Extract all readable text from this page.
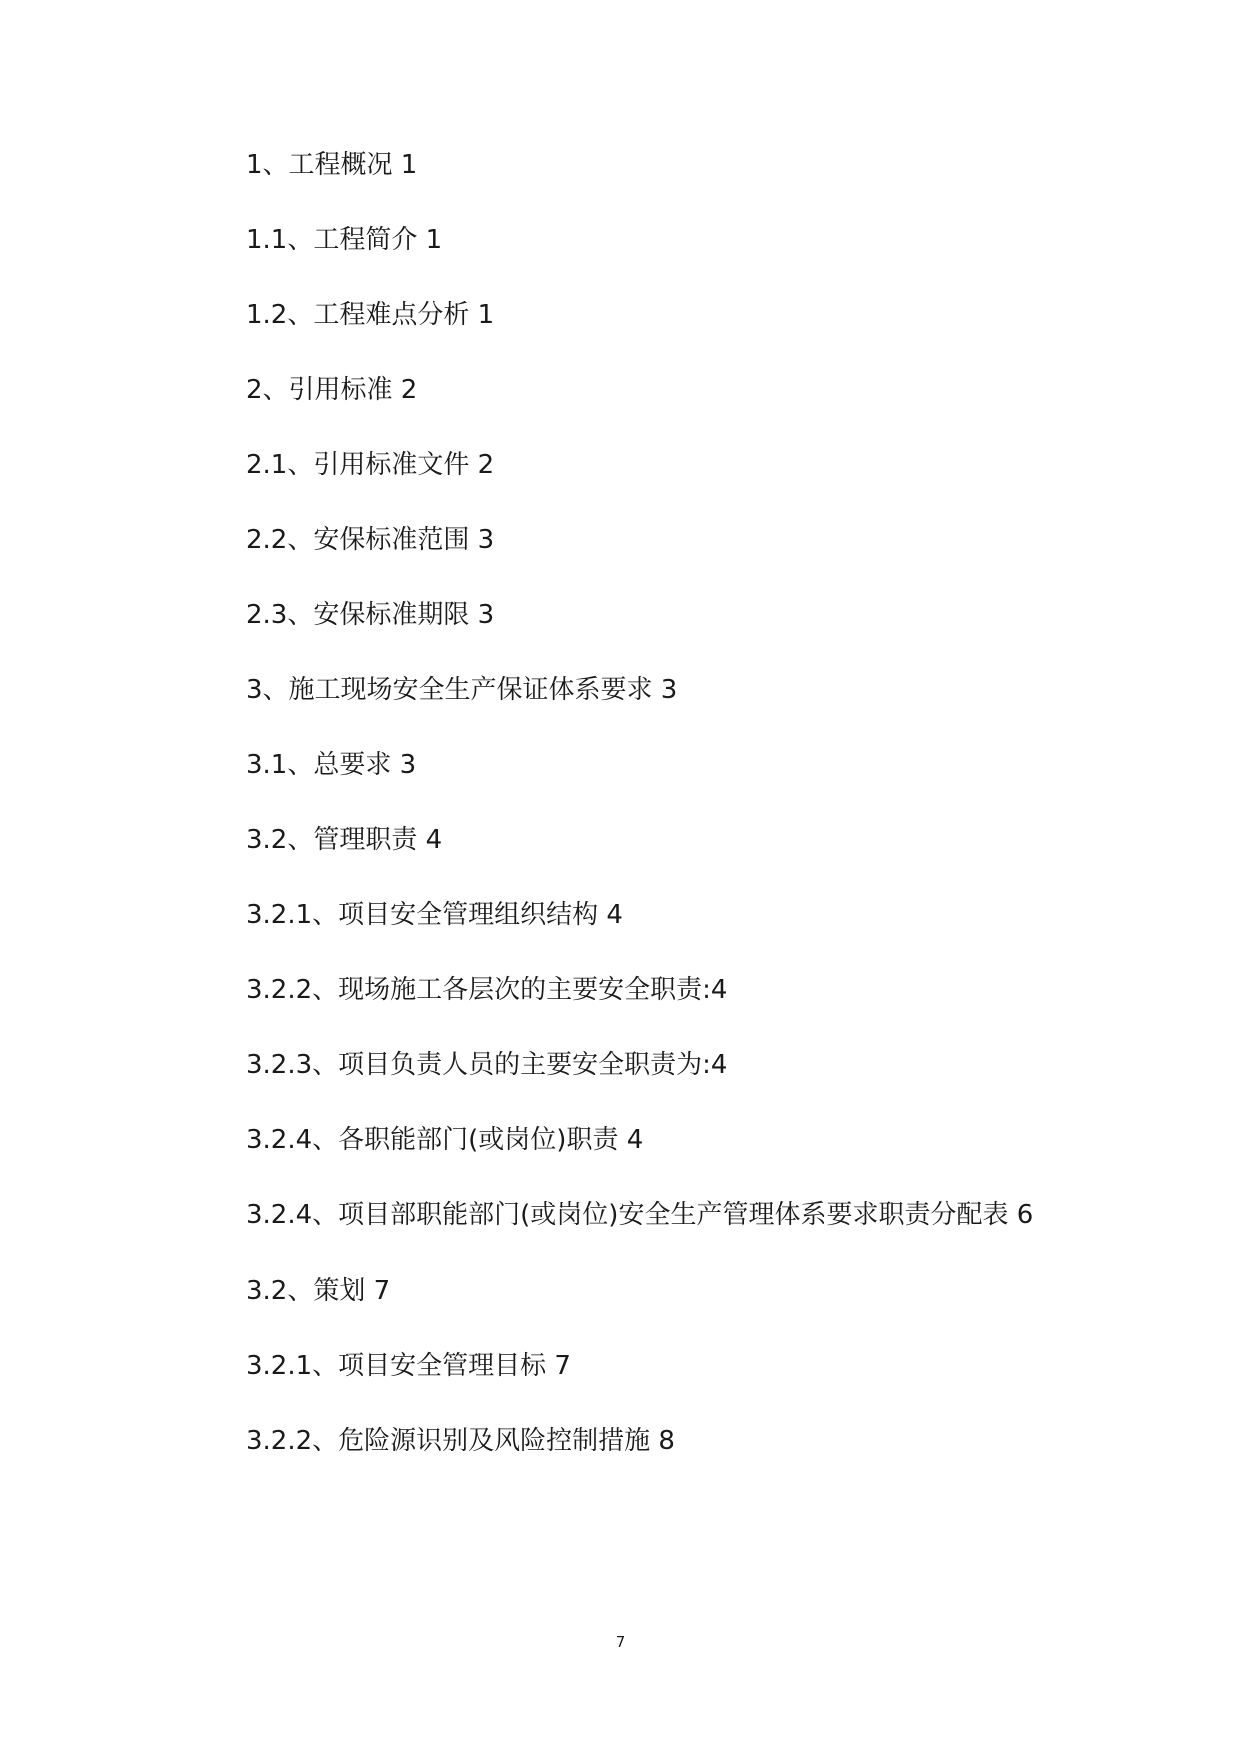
1、工程概况 1

1.1、工程简介 1

1.2、工程难点分析 1

2、引用标准 2

2.1、引用标准文件 2

2.2、安保标准范围 3

2.3、安保标准期限 3

3、施工现场安全生产保证体系要求 3

3.1、总要求 3

3.2、管理职责 4

3.2.1、项目安全管理组织结构 4

3.2.2、现场施工各层次的主要安全职责:4

3.2.3、项目负责人员的主要安全职责为:4

3.2.4、各职能部门(或岗位)职责 4

3.2.4、项目部职能部门(或岗位)安全生产管理体系要求职责分配表 6

3.2、策划 7

3.2.1、项目安全管理目标 7

3.2.2、危险源识别及风险控制措施 8

7
